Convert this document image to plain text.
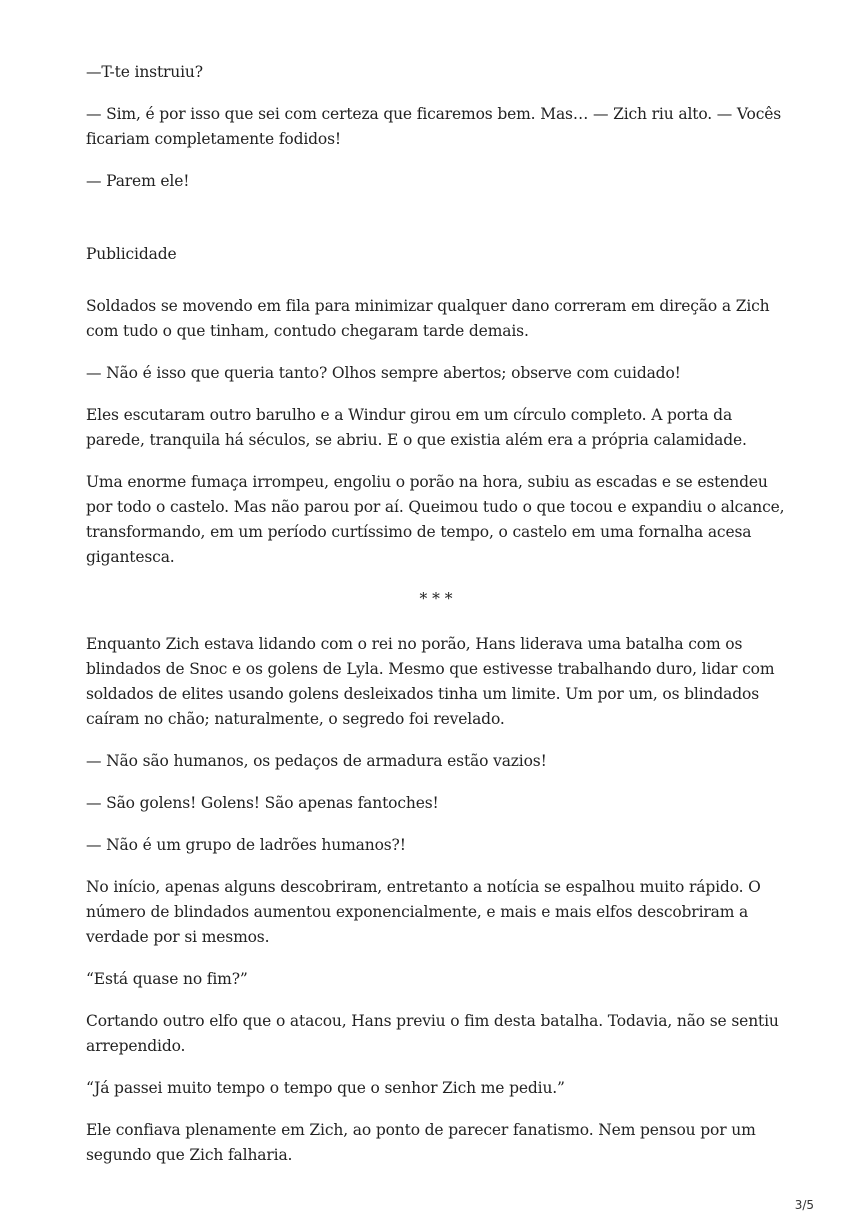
—T-te instruiu?

— Sim, é por isso que sei com certeza que ficaremos bem. Mas… — Zich riu alto. — Vocês ficariam completamente fodidos!

— Parem ele!

Publicidade

Soldados se movendo em fila para minimizar qualquer dano correram em direção a Zich com tudo o que tinham, contudo chegaram tarde demais.

— Não é isso que queria tanto? Olhos sempre abertos; observe com cuidado!

Eles escutaram outro barulho e a Windur girou em um círculo completo. A porta da parede, tranquila há séculos, se abriu. E o que existia além era a própria calamidade.

Uma enorme fumaça irrompeu, engoliu o porão na hora, subiu as escadas e se estendeu por todo o castelo. Mas não parou por aí. Queimou tudo o que tocou e expandiu o alcance, transformando, em um período curtíssimo de tempo, o castelo em uma fornalha acesa gigantesca.

* * *

Enquanto Zich estava lidando com o rei no porão, Hans liderava uma batalha com os blindados de Snoc e os golens de Lyla. Mesmo que estivesse trabalhando duro, lidar com soldados de elites usando golens desleixados tinha um limite. Um por um, os blindados caíram no chão; naturalmente, o segredo foi revelado.

— Não são humanos, os pedaços de armadura estão vazios!

— São golens! Golens! São apenas fantoches!

— Não é um grupo de ladrões humanos?!

No início, apenas alguns descobriram, entretanto a notícia se espalhou muito rápido. O número de blindados aumentou exponencialmente, e mais e mais elfos descobriram a verdade por si mesmos.

“Está quase no fim?”

Cortando outro elfo que o atacou, Hans previu o fim desta batalha. Todavia, não se sentiu arrependido.

“Já passei muito tempo o tempo que o senhor Zich me pediu.”

Ele confiava plenamente em Zich, ao ponto de parecer fanatismo. Nem pensou por um segundo que Zich falharia.

3/5
